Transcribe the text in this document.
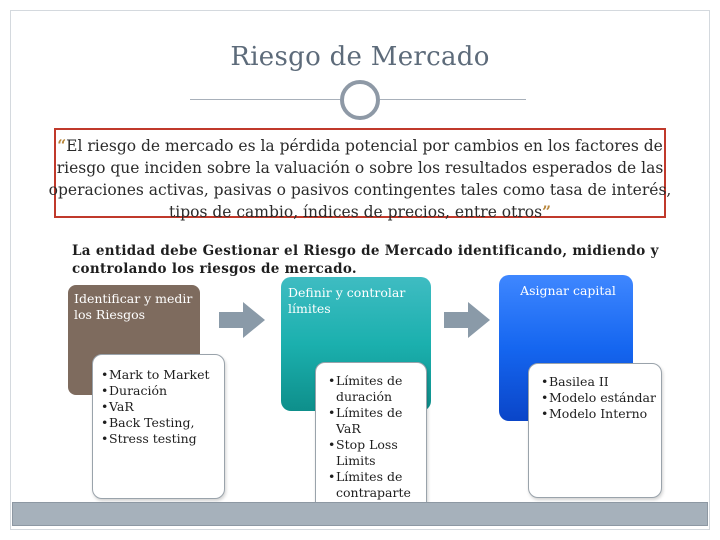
Riesgo de Mercado
“El riesgo de mercado es la pérdida potencial por cambios en los factores de riesgo que inciden sobre la valuación o sobre los resultados esperados de las operaciones activas, pasivas o pasivos contingentes tales como tasa de interés, tipos de cambio, índices de precios, entre otros”
La entidad debe Gestionar el Riesgo de Mercado identificando, midiendo y controlando los riesgos de mercado.
Identificar y medir los Riesgos
Definir y controlar límites
Asignar capital
• Mark to Market
• Duración
• VaR
• Back Testing,
• Stress testing
• Límites de duración
• Límites de VaR
• Stop Loss Limits
• Límites de contraparte
• Basilea II
• Modelo estándar
• Modelo Interno
